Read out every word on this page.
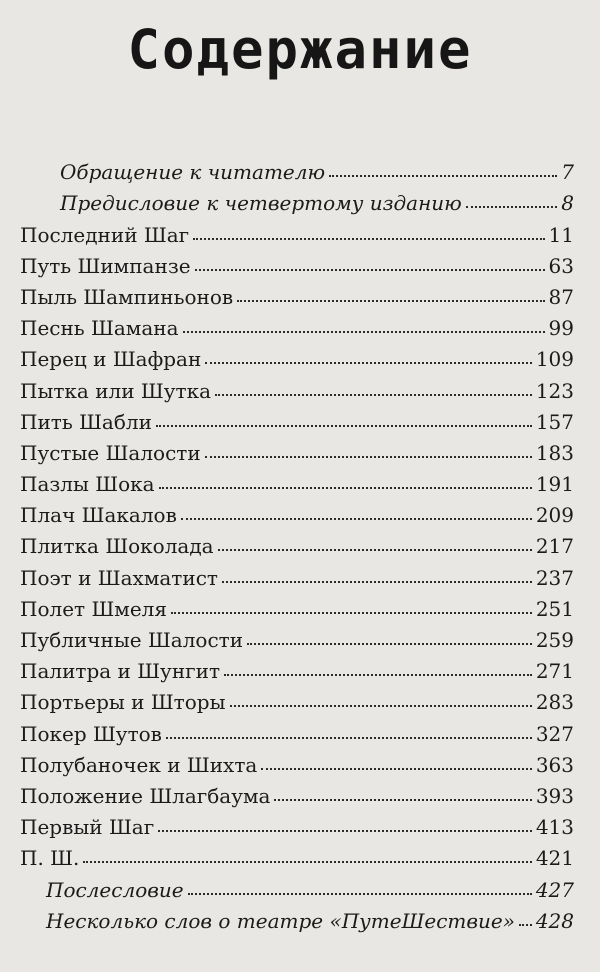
Содержание
Обращение к читателю	7
Предисловие к четвертому изданию	8
Последний Шаг	11
Путь Шимпанзе	63
Пыль Шампиньонов	87
Песнь Шамана	99
Перец и Шафран	109
Пытка или Шутка	123
Пить Шабли	157
Пустые Шалости	183
Пазлы Шока	191
Плач Шакалов	209
Плитка Шоколада	217
Поэт и Шахматист	237
Полет Шмеля	251
Публичные Шалости	259
Палитра и Шунгит	271
Портьеры и Шторы	283
Покер Шутов	327
Полубаночек и Шихта	363
Положение Шлагбаума	393
Первый Шаг	413
П. Ш.	421
Послесловие	427
Несколько слов о театре «ПутеШествие» 428
